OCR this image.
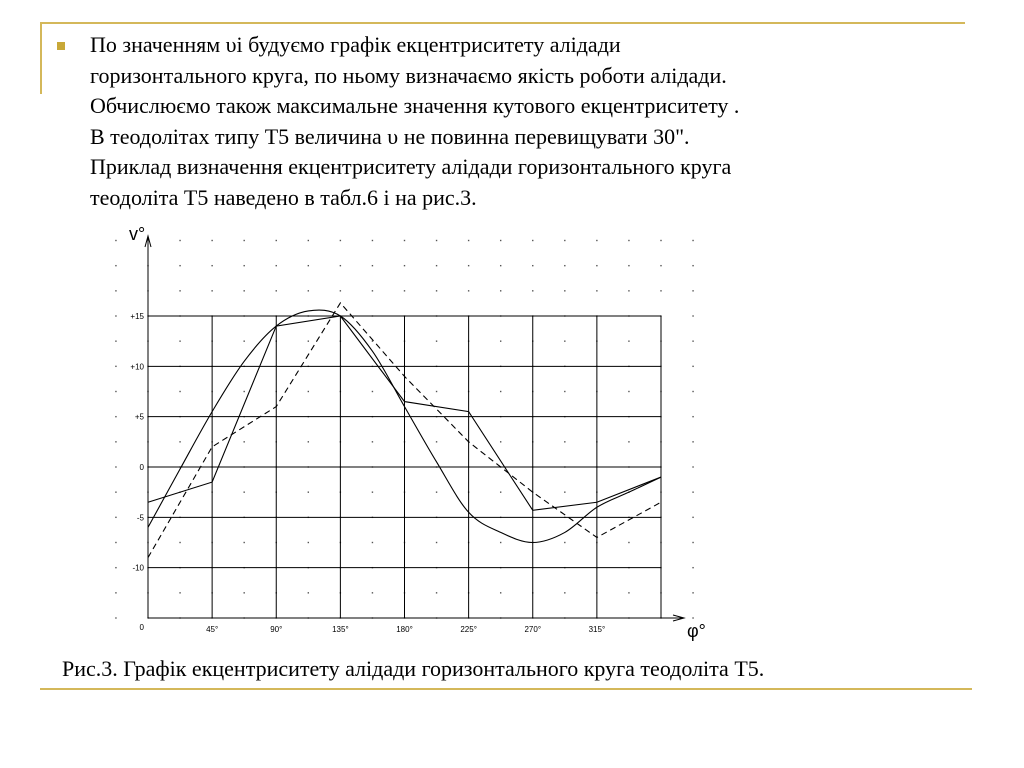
По значенням υі будуємо графік екцентриситету алідади
горизонтального круга, по ньому визначаємо якість роботи алідади.
Обчислюємо також максимальне значення кутового екцентриситету .
В теодолітах типу Т5 величина υ не повинна перевищувати 30".
Приклад визначення екцентриситету алідади горизонтального круга
теодоліта Т5 наведено в табл.6 і на рис.3.

45°	90°	135°	180°	225°	270°	315°
+15
+10
+5
0
-5
-10
0
v°
φ°

Рис.3. Графік екцентриситету алідади горизонтального круга теодоліта Т5.
